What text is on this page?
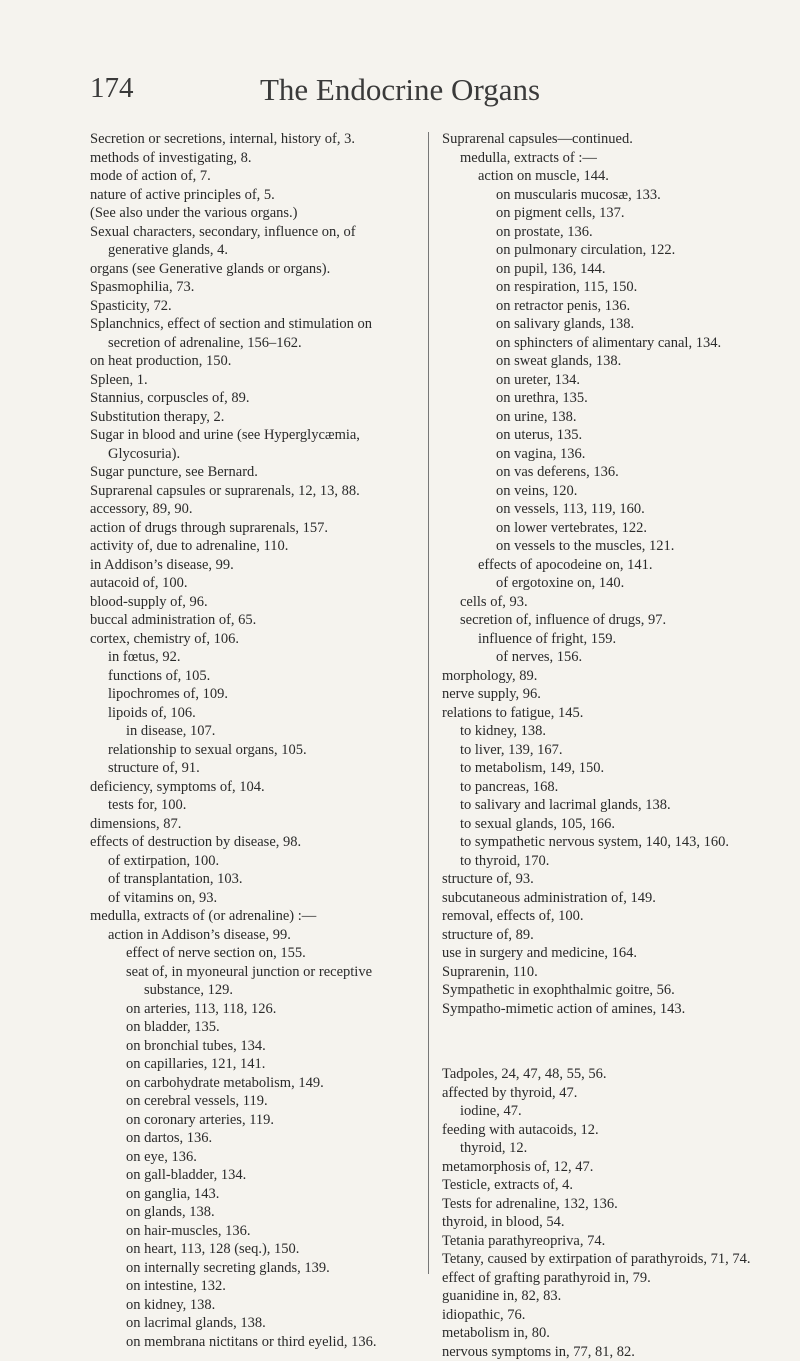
174	The Endocrine Organs

Secretion or secretions, internal, history of, 3.

methods of investigating, 8.

mode of action of, 7.

nature of active principles of, 5.

(See also under the various organs.)

Sexual characters, secondary, influence on, of generative glands, 4.

organs (see Generative glands or organs).

Spasmophilia, 73.

Spasticity, 72.

Splanchnics, effect of section and stimulation on secretion of adrenaline, 156–162.

on heat production, 150.

Spleen, 1.

Stannius, corpuscles of, 89.

Substitution therapy, 2.

Sugar in blood and urine (see Hyperglycæmia, Glycosuria).

Sugar puncture, see Bernard.

Suprarenal capsules or suprarenals, 12, 13, 88.

accessory, 89, 90.

action of drugs through suprarenals, 157.

activity of, due to adrenaline, 110.

in Addison’s disease, 99.

autacoid of, 100.

blood-supply of, 96.

buccal administration of, 65.

cortex, chemistry of, 106.

in fœtus, 92.

functions of, 105.

lipochromes of, 109.

lipoids of, 106.

in disease, 107.

relationship to sexual organs, 105.

structure of, 91.

deficiency, symptoms of, 104.

tests for, 100.

dimensions, 87.

effects of destruction by disease, 98.

of extirpation, 100.

of transplantation, 103.

of vitamins on, 93.

medulla, extracts of (or adrenaline) :—

action in Addison’s disease, 99.

effect of nerve section on, 155.

seat of, in myoneural junction or receptive substance, 129.

on arteries, 113, 118, 126.

on bladder, 135.

on bronchial tubes, 134.

on capillaries, 121, 141.

on carbohydrate metabolism, 149.

on cerebral vessels, 119.

on coronary arteries, 119.

on dartos, 136.

on eye, 136.

on gall-bladder, 134.

on ganglia, 143.

on glands, 138.

on hair-muscles, 136.

on heart, 113, 128 (seq.), 150.

on internally secreting glands, 139.

on intestine, 132.

on kidney, 138.

on lacrimal glands, 138.

on membrana nictitans or third eyelid, 136.

Suprarenal capsules—continued.

medulla, extracts of :—

action on muscle, 144.

on muscularis mucosæ, 133.

on pigment cells, 137.

on prostate, 136.

on pulmonary circulation, 122.

on pupil, 136, 144.

on respiration, 115, 150.

on retractor penis, 136.

on salivary glands, 138.

on sphincters of alimentary canal, 134.

on sweat glands, 138.

on ureter, 134.

on urethra, 135.

on urine, 138.

on uterus, 135.

on vagina, 136.

on vas deferens, 136.

on veins, 120.

on vessels, 113, 119, 160.

on lower vertebrates, 122.

on vessels to the muscles, 121.

effects of apocodeine on, 141.

of ergotoxine on, 140.

cells of, 93.

secretion of, influence of drugs, 97.

influence of fright, 159.

of nerves, 156.

morphology, 89.

nerve supply, 96.

relations to fatigue, 145.

to kidney, 138.

to liver, 139, 167.

to metabolism, 149, 150.

to pancreas, 168.

to salivary and lacrimal glands, 138.

to sexual glands, 105, 166.

to sympathetic nervous system, 140, 143, 160.

to thyroid, 170.

structure of, 93.

subcutaneous administration of, 149.

removal, effects of, 100.

structure of, 89.

use in surgery and medicine, 164.

Suprarenin, 110.

Sympathetic in exophthalmic goitre, 56.

Sympatho-mimetic action of amines, 143.

Tadpoles, 24, 47, 48, 55, 56.

affected by thyroid, 47.

iodine, 47.

feeding with autacoids, 12.

thyroid, 12.

metamorphosis of, 12, 47.

Testicle, extracts of, 4.

Tests for adrenaline, 132, 136.

thyroid, in blood, 54.

Tetania parathyreopriva, 74.

Tetany, caused by extirpation of parathyroids, 71, 74.

effect of grafting parathyroid in, 79.

guanidine in, 82, 83.

idiopathic, 76.

metabolism in, 80.

nervous symptoms in, 77, 81, 82.
